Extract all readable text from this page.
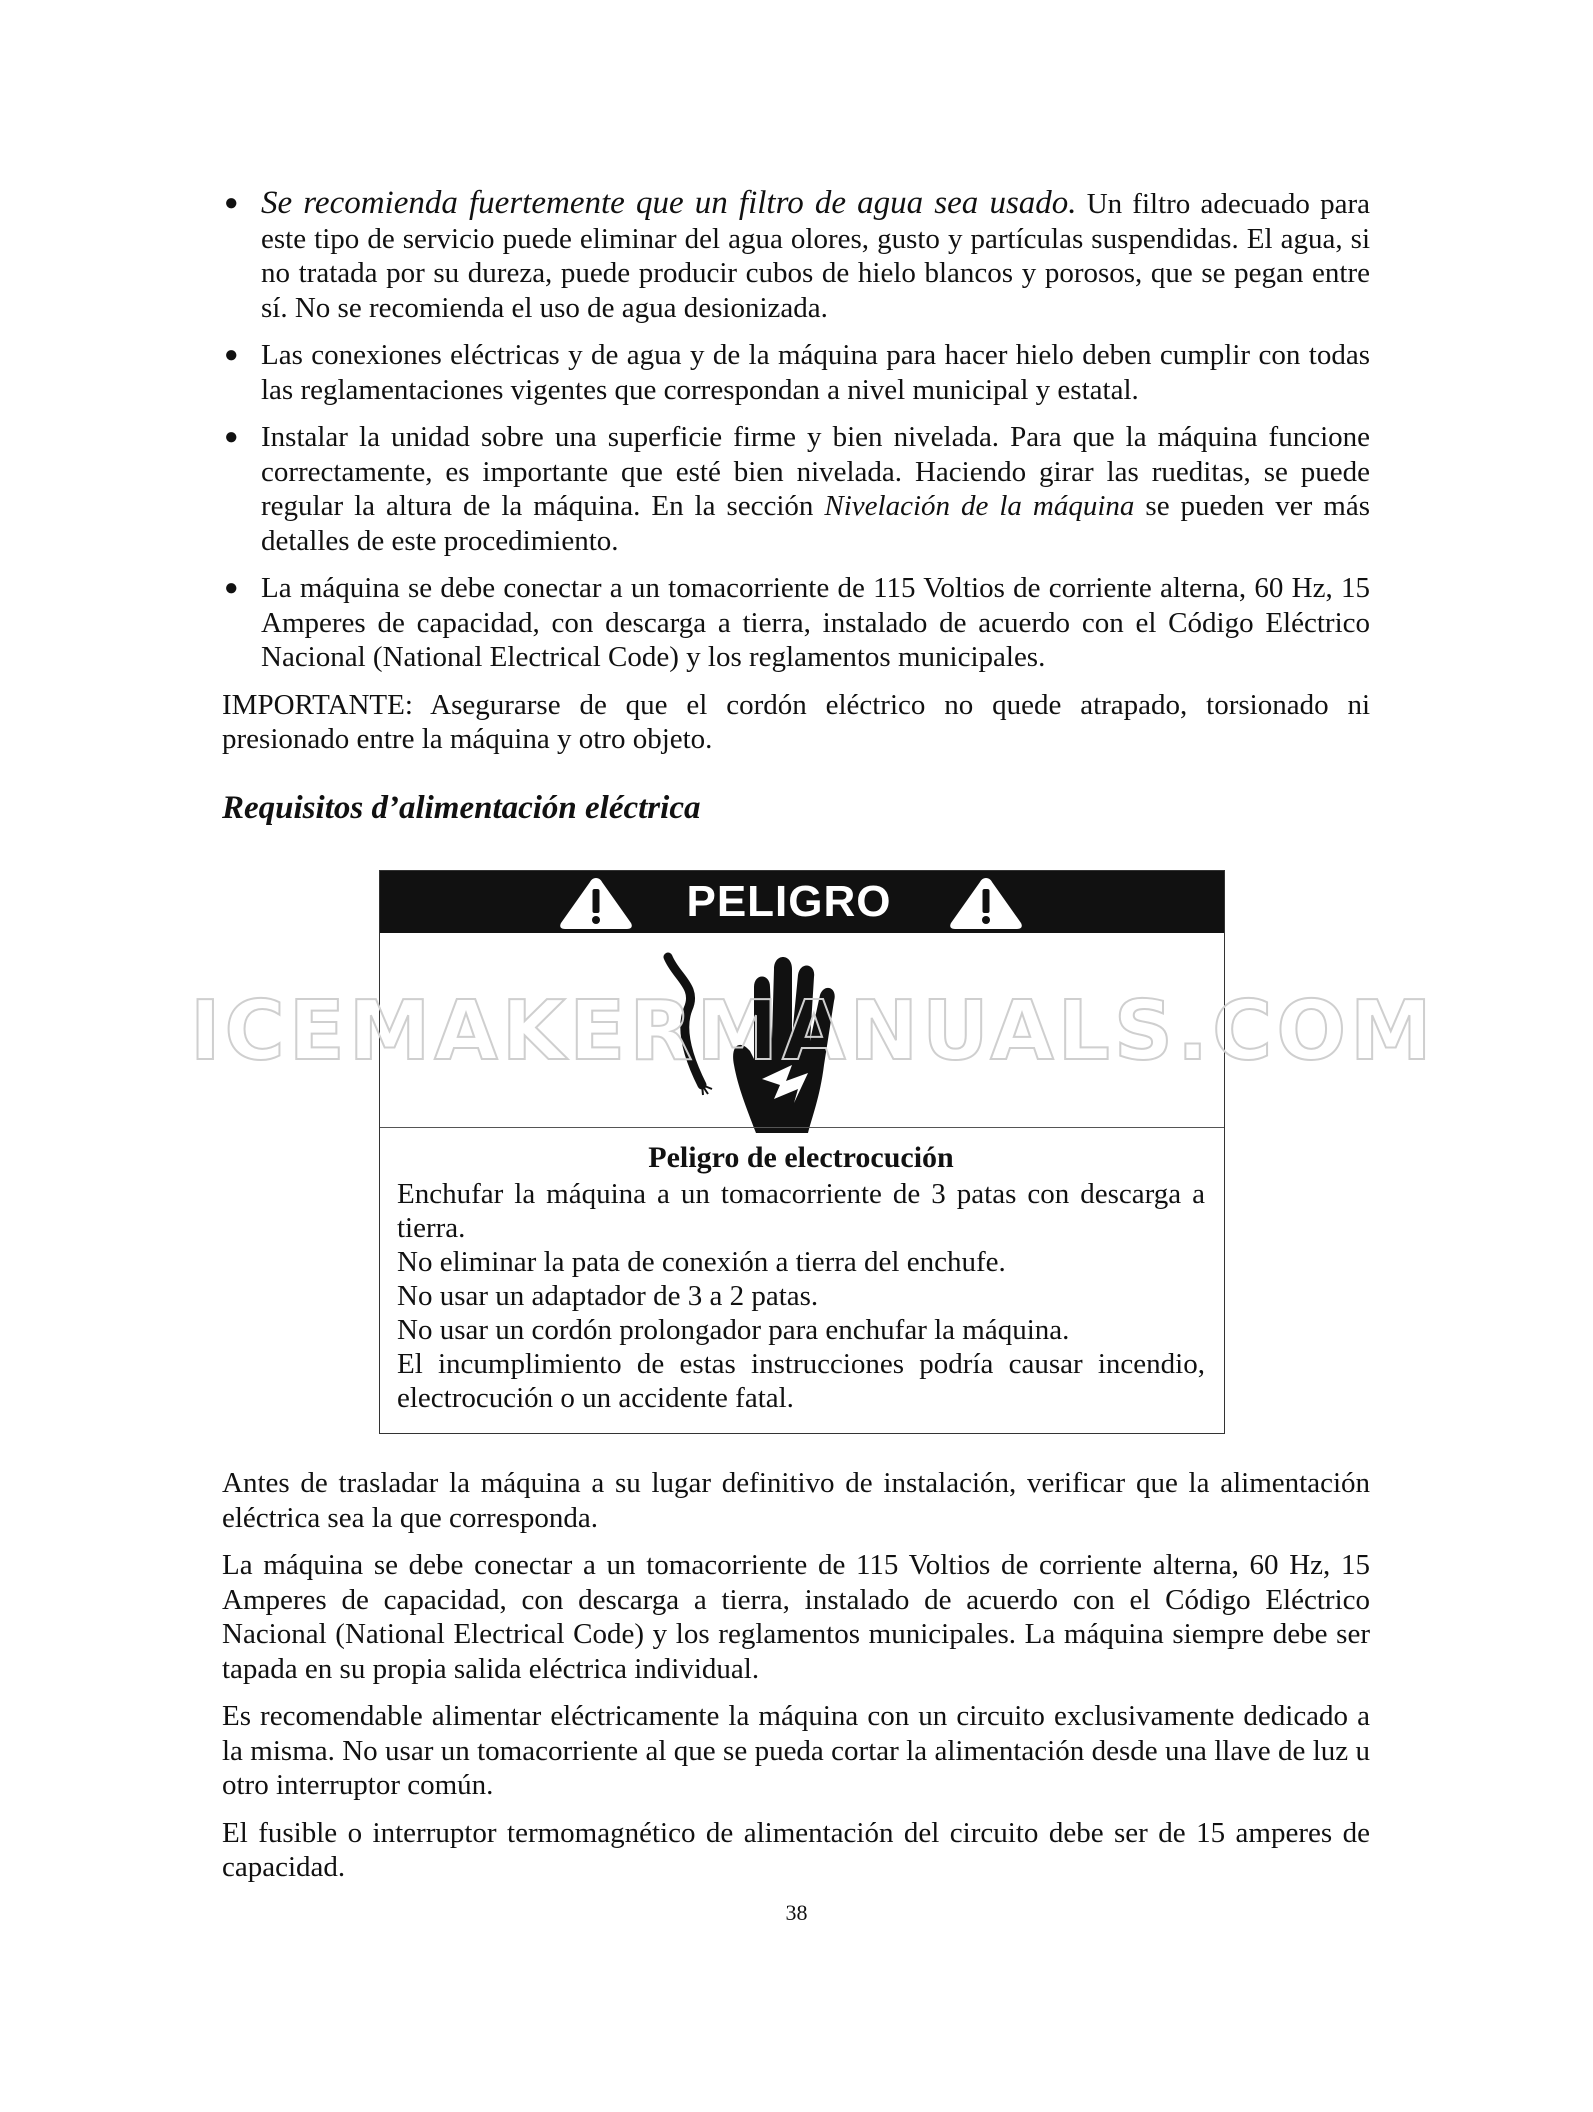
● Se recomienda fuertemente que un filtro de agua sea usado. Un filtro adecuado para este tipo de servicio puede eliminar del agua olores, gusto y partículas suspendidas. El agua, si no tratada por su dureza, puede producir cubos de hielo blancos y porosos, que se pegan entre sí. No se recomienda el uso de agua desionizada.
● Las conexiones eléctricas y de agua y de la máquina para hacer hielo deben cumplir con todas las reglamentaciones vigentes que correspondan a nivel municipal y estatal.
● Instalar la unidad sobre una superficie firme y bien nivelada. Para que la máquina funcione correctamente, es importante que esté bien nivelada. Haciendo girar las rueditas, se puede regular la altura de la máquina. En la sección Nivelación de la máquina se pueden ver más detalles de este procedimiento.
● La máquina se debe conectar a un tomacorriente de 115 Voltios de corriente alterna, 60 Hz, 15 Amperes de capacidad, con descarga a tierra, instalado de acuerdo con el Código Eléctrico Nacional (National Electrical Code) y los reglamentos municipales.

IMPORTANTE: Asegurarse de que el cordón eléctrico no quede atrapado, torsionado ni presionado entre la máquina y otro objeto.

Requisitos d’alimentación eléctrica
PELIGRO
Peligro de electrocución
Enchufar la máquina a un tomacorriente de 3 patas con descarga a tierra.
No eliminar la pata de conexión a tierra del enchufe.
No usar un adaptador de 3 a 2 patas.
No usar un cordón prolongador para enchufar la máquina.
El incumplimiento de estas instrucciones podría causar incendio, electrocución o un accidente fatal.
ICEMAKERMANUALS.COM

Antes de trasladar la máquina a su lugar definitivo de instalación, verificar que la alimentación eléctrica sea la que corresponda.

La máquina se debe conectar a un tomacorriente de 115 Voltios de corriente alterna, 60 Hz, 15 Amperes de capacidad, con descarga a tierra, instalado de acuerdo con el Código Eléctrico Nacional (National Electrical Code) y los reglamentos municipales. La máquina siempre debe ser tapada en su propia salida eléctrica individual.

Es recomendable alimentar eléctricamente la máquina con un circuito exclusivamente dedicado a la misma. No usar un tomacorriente al que se pueda cortar la alimentación desde una llave de luz u otro interruptor común.

El fusible o interruptor termomagnético de alimentación del circuito debe ser de 15 amperes de capacidad.

38
